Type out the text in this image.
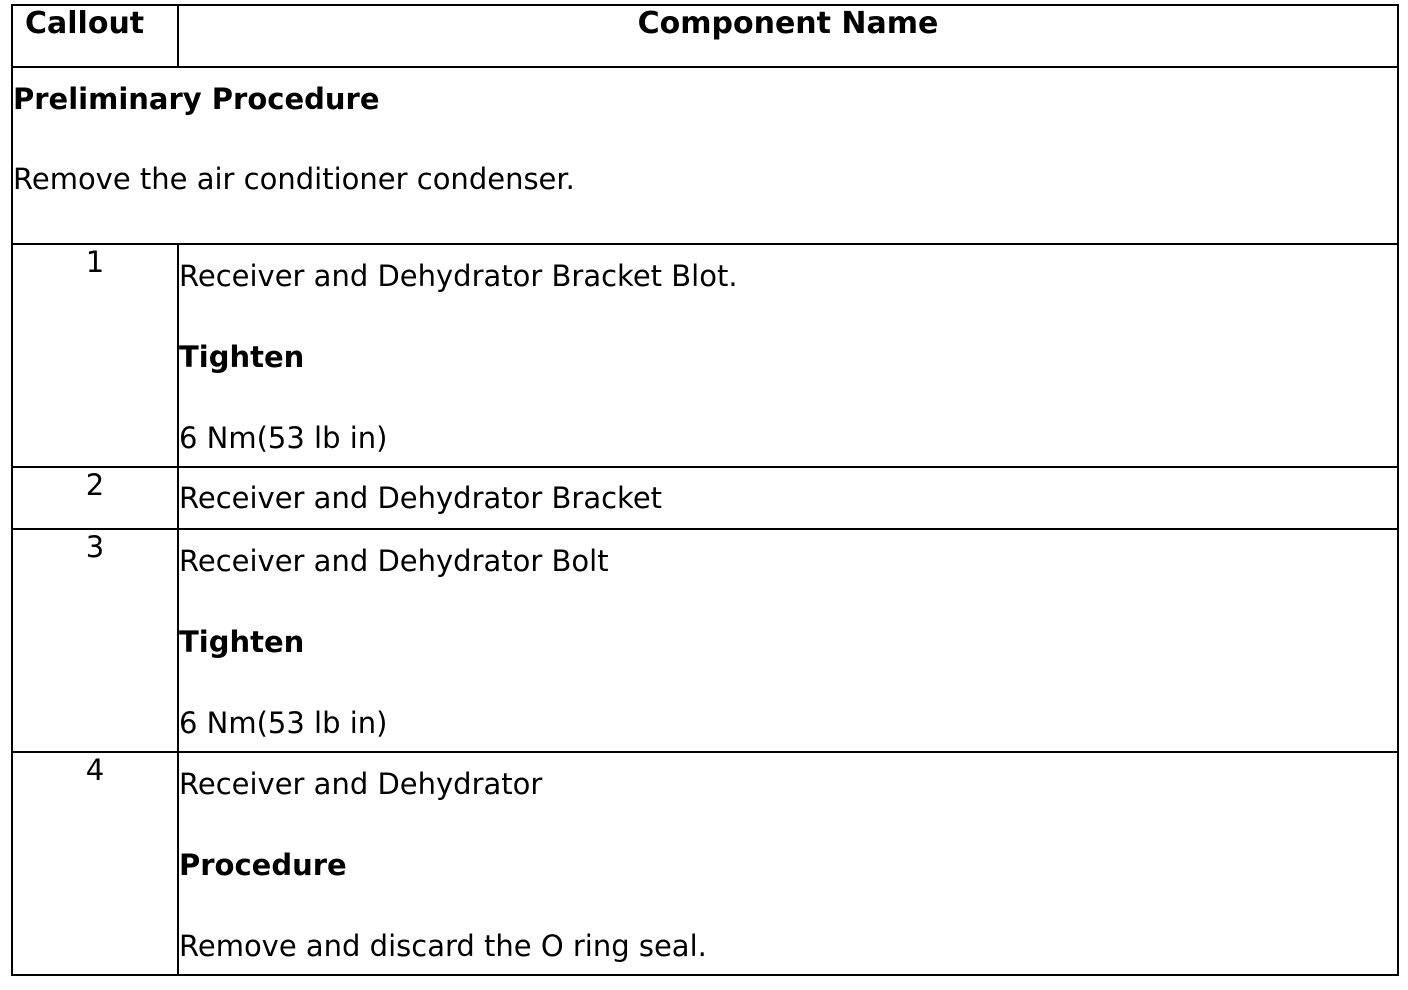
Callout	Component Name

Preliminary Procedure
Remove the air conditioner condenser.	

1	Receiver and Dehydrator Bracket Blot.
Tighten
6 Nm(53 lb in)

2	Receiver and Dehydrator Bracket

3	Receiver and Dehydrator Bolt
Tighten
6 Nm(53 lb in)

4	Receiver and Dehydrator
Procedure
Remove and discard the O ring seal.
